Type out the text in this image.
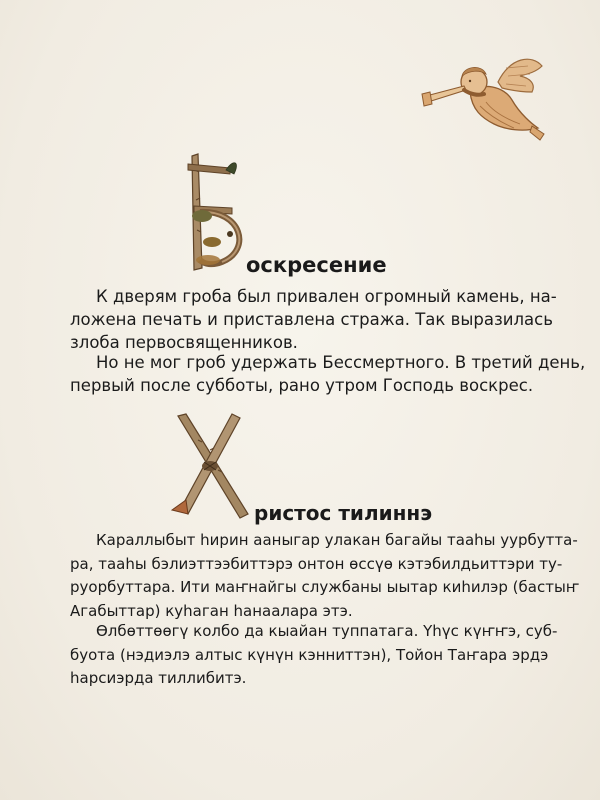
оскресение
К дверям гроба был привален огромный камень, на-
ложена печать и приставлена стража. Так выразилась
злоба первосвященников.
Но не мог гроб удержать Бессмертного. В третий день,
первый после субботы, рано утром Господь воскрес.
ристос тилиннэ
Караллыбыт һирин ааныгар улакан багайы тааһы уурбутта-
ра, тааһы бэлиэттээбиттэрэ онтон өссүө кэтэбилдьиттэри ту-
руорбуттара. Ити маҥнайгы службаны ыытар киһилэр (бастыҥ
Агабыттар) куһаган һанаалара этэ.
Өлбөттөөгү колбо да кыайан туппатага. Үһүс күҥҥэ, суб-
буота (нэдиэлэ алтыс күнүн кэнниттэн), Тойон Таҥара эрдэ
һарсиэрда тиллибитэ.
